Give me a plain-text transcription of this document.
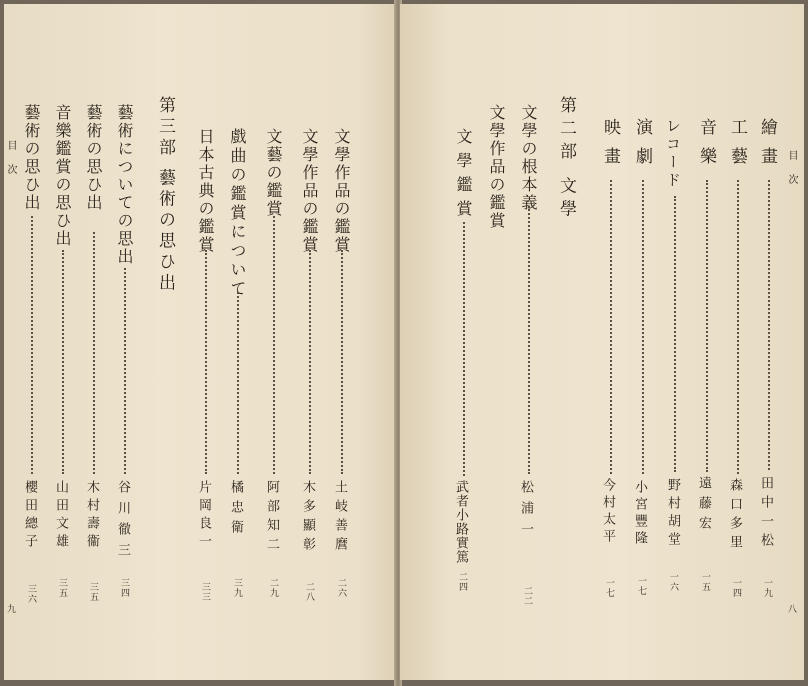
目次
八
繪畫
田中一松
一九
工藝
森口多里
一四
音樂
遠藤宏
一五
レコード
野村胡堂
一六
演劇
小宮豐隆
一七
映畫
今村太平
一七
第二部 文學
文學の根本義
松浦一
二二
文學作品の鑑賞
文學鑑賞
武者小路實篤
二四
文學作品の鑑賞
土岐善麿
二六
文學作品の鑑賞
木多顯彰
二八
文藝の鑑賞
阿部知二
二九
戲曲の鑑賞について
橘忠衛
三九
日本古典の鑑賞
片岡良一
三三
第三部 藝術の思ひ出
藝術についての思出
谷川徹三
三四
藝術の思ひ出
木村壽衞
三五
音樂鑑賞の思ひ出
山田文雄
三五
藝術の思ひ出
櫻田總子
三六
目次
九
